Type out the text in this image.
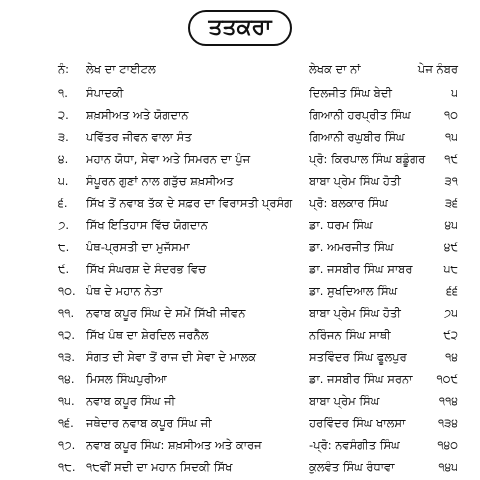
ਤਤਕਰਾ
ਨੰ: ਲੇਖ ਦਾ ਟਾਈਟਲ	ਲੇਖਕ ਦਾ ਨਾਂ	ਪੇਜ ਨੰਬਰ
੧. ਸੰਪਾਦਕੀ	ਦਿਲਜੀਤ ਸਿੰਘ ਬੇਦੀ	੫
੨. ਸ਼ਖ਼ਸੀਅਤ ਅਤੇ ਯੋਗਦਾਨ	ਗਿਆਨੀ ਹਰਪ੍ਰੀਤ ਸਿੰਘ	੧੦
੩. ਪਵਿੱਤਰ ਜੀਵਨ ਵਾਲਾ ਸੰਤ	ਗਿਆਨੀ ਰਘੁਬੀਰ ਸਿੰਘ	੧੫
੪. ਮਹਾਨ ਯੋਧਾ, ਸੇਵਾ ਅਤੇ ਸਿਮਰਨ ਦਾ ਪੁੰਜ	ਪ੍ਰੋ: ਕਿਰਪਾਲ ਸਿੰਘ ਬਡੂੰਗਰ	੧੯
੫. ਸੰਪੂਰਨ ਗੁਣਾਂ ਨਾਲ ਗੜੁੱਚ ਸ਼ਖ਼ਸੀਅਤ	ਬਾਬਾ ਪ੍ਰੇਮ ਸਿੰਘ ਹੋਤੀ	੩੧
੬. ਸਿੱਖ ਤੋਂ ਨਵਾਬ ਤੱਕ ਦੇ ਸਫ਼ਰ ਦਾ ਵਿਰਾਸਤੀ ਪ੍ਰਸੰਗ	ਪ੍ਰੋ: ਬਲਕਾਰ ਸਿੰਘ	੩੬
੭. ਸਿੱਖ ਇਤਿਹਾਸ ਵਿੱਚ ਯੋਗਦਾਨ	ਡਾ. ਧਰਮ ਸਿੰਘ	੪੫
੮. ਪੰਥ-ਪ੍ਰਸਤੀ ਦਾ ਮੁਜੱਸਮਾ	ਡਾ. ਅਮਰਜੀਤ ਸਿੰਘ	੪੯
੯. ਸਿੱਖ ਸੰਘਰਸ਼ ਦੇ ਸੰਦਰਭ ਵਿਚ	ਡਾ. ਜਸਬੀਰ ਸਿੰਘ ਸਾਬਰ	੫੮
੧੦. ਪੰਥ ਦੇ ਮਹਾਨ ਨੇਤਾ	ਡਾ. ਸੁਖਦਿਆਲ ਸਿੰਘ	੬੬
੧੧. ਨਵਾਬ ਕਪੂਰ ਸਿੰਘ ਦੇ ਸਮੇਂ ਸਿੱਖੀ ਜੀਵਨ	ਬਾਬਾ ਪ੍ਰੇਮ ਸਿੰਘ ਹੋਤੀ	੭੫
੧੨. ਸਿੱਖ ਪੰਥ ਦਾ ਸ਼ੇਰਦਿਲ ਜਰਨੈਲ	ਨਰਿੰਜਨ ਸਿੰਘ ਸਾਥੀ	੯੨
੧੩. ਸੰਗਤ ਦੀ ਸੇਵਾ ਤੋਂ ਰਾਜ ਦੀ ਸੇਵਾ ਦੇ ਮਾਲਕ	ਸਤਵਿੰਦਰ ਸਿੰਘ ਫੂਲਪੁਰ	੧੪
੧੪. ਮਿਸਲ ਸਿੰਘਪੁਰੀਆ	ਡਾ. ਜਸਬੀਰ ਸਿੰਘ ਸਰਨਾ	੧੦੯
੧੫. ਨਵਾਬ ਕਪੂਰ ਸਿੰਘ ਜੀ	ਬਾਬਾ ਪ੍ਰੇਮ ਸਿੰਘ	੧੧੪
੧੬. ਜਥੇਦਾਰ ਨਵਾਬ ਕਪੂਰ ਸਿੰਘ ਜੀ	ਹਰਵਿੰਦਰ ਸਿੰਘ ਖਾਲਸਾ	੧੩੪
੧੭. ਨਵਾਬ ਕਪੂਰ ਸਿੰਘ: ਸ਼ਖ਼ਸੀਅਤ ਅਤੇ ਕਾਰਜ	-ਪ੍ਰੋ: ਨਵਸੰਗੀਤ ਸਿੰਘ	੧੪੦
੧੮. ੧੮ਵੀਂ ਸਦੀ ਦਾ ਮਹਾਨ ਸਿਦਕੀ ਸਿੱਖ	ਕੁਲਵੰਤ ਸਿੰਘ ਰੰਧਾਵਾ	੧੪੫
